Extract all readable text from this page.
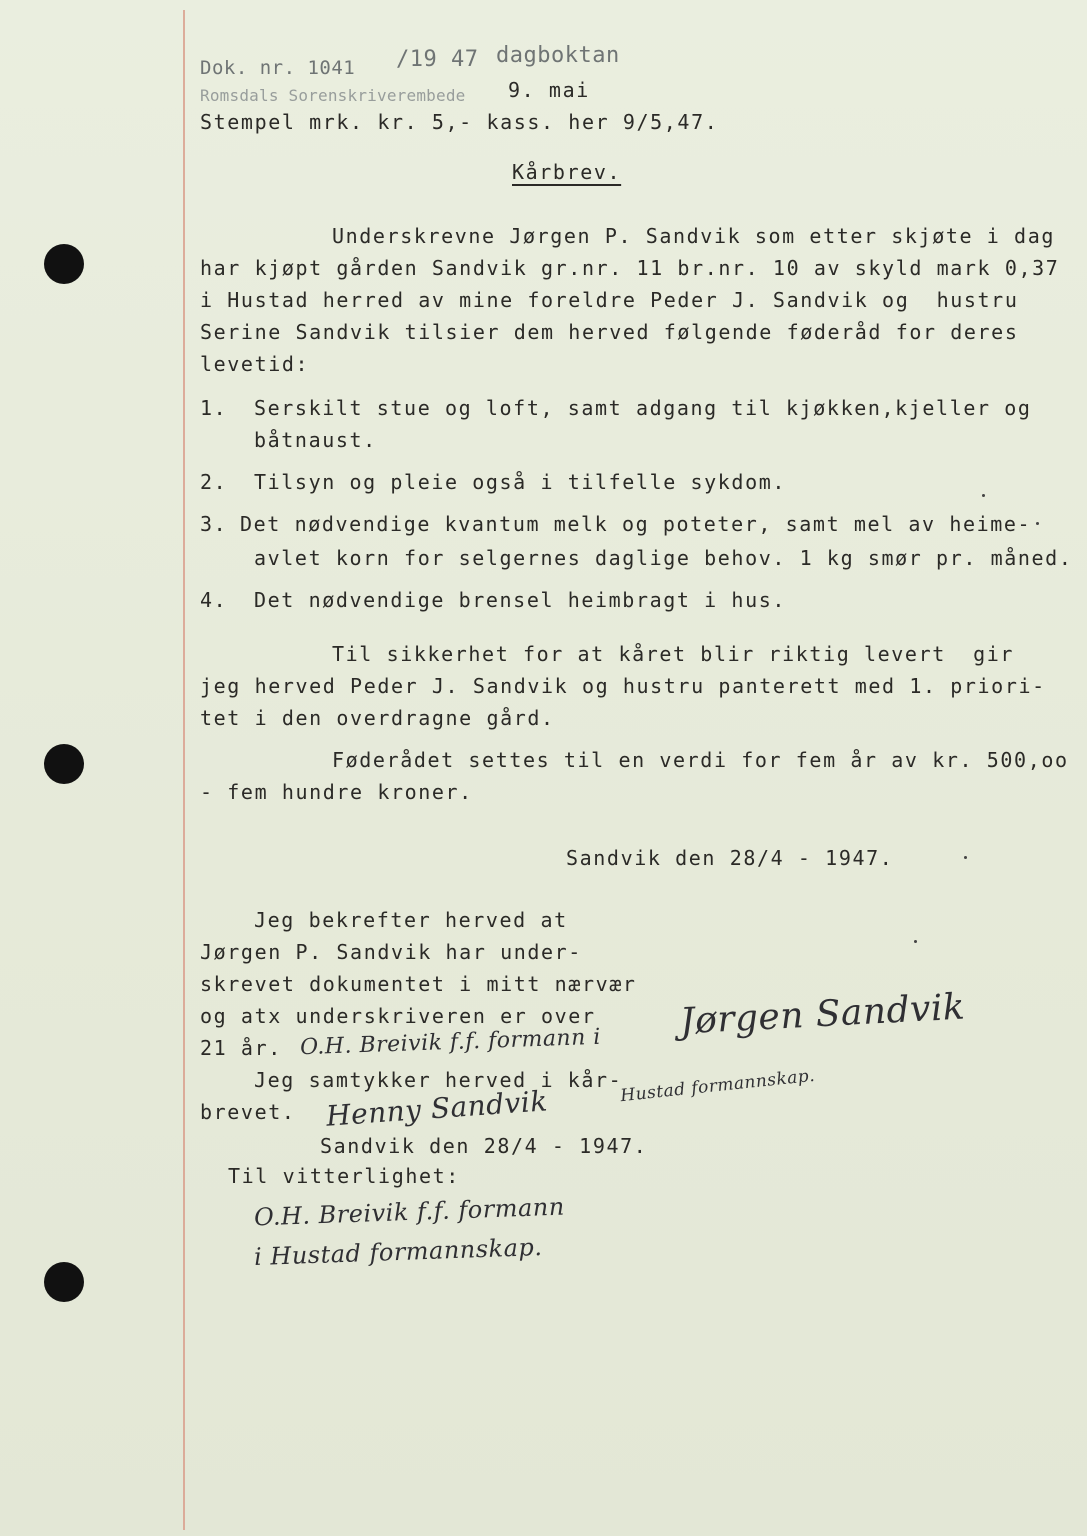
Dok. nr. 1041 /19 47 dagboktan
Romsdals Sorenskriverembede 9. mai
Stempel mrk. kr. 5,- kass. her 9/5,47.
Kårbrev.
Underskrevne Jørgen P. Sandvik som etter skjøte i dag
har kjøpt gården Sandvik gr.nr. 11 br.nr. 10 av skyld mark 0,37
i Hustad herred av mine foreldre Peder J. Sandvik og  hustru
Serine Sandvik tilsier dem herved følgende føderåd for deres
levetid:
1. Serskilt stue og loft, samt adgang til kjøkken,kjeller og
båtnaust.
2. Tilsyn og pleie også i tilfelle sykdom.
3. Det nødvendige kvantum melk og poteter, samt mel av heime-
avlet korn for selgernes daglige behov. 1 kg smør pr. måned.
4. Det nødvendige brensel heimbragt i hus.
Til sikkerhet for at kåret blir riktig levert  gir
jeg herved Peder J. Sandvik og hustru panterett med 1. priori-
tet i den overdragne gård.
Føderådet settes til en verdi for fem år av kr. 500,oo
- fem hundre kroner.
Sandvik den 28/4 - 1947.
Jeg bekrefter herved at
Jørgen P. Sandvik har under-
skrevet dokumentet i mitt nærvær
og atx underskriveren er over
21 år.
Jeg samtykker herved i kår-
brevet.
Sandvik den 28/4 - 1947.
Til vitterlighet:
Jørgen Sandvik
O.H. Breivik f.f. formann i
Hustad formannskap.
Henny Sandvik
O.H. Breivik f.f. formann
i Hustad formannskap.
